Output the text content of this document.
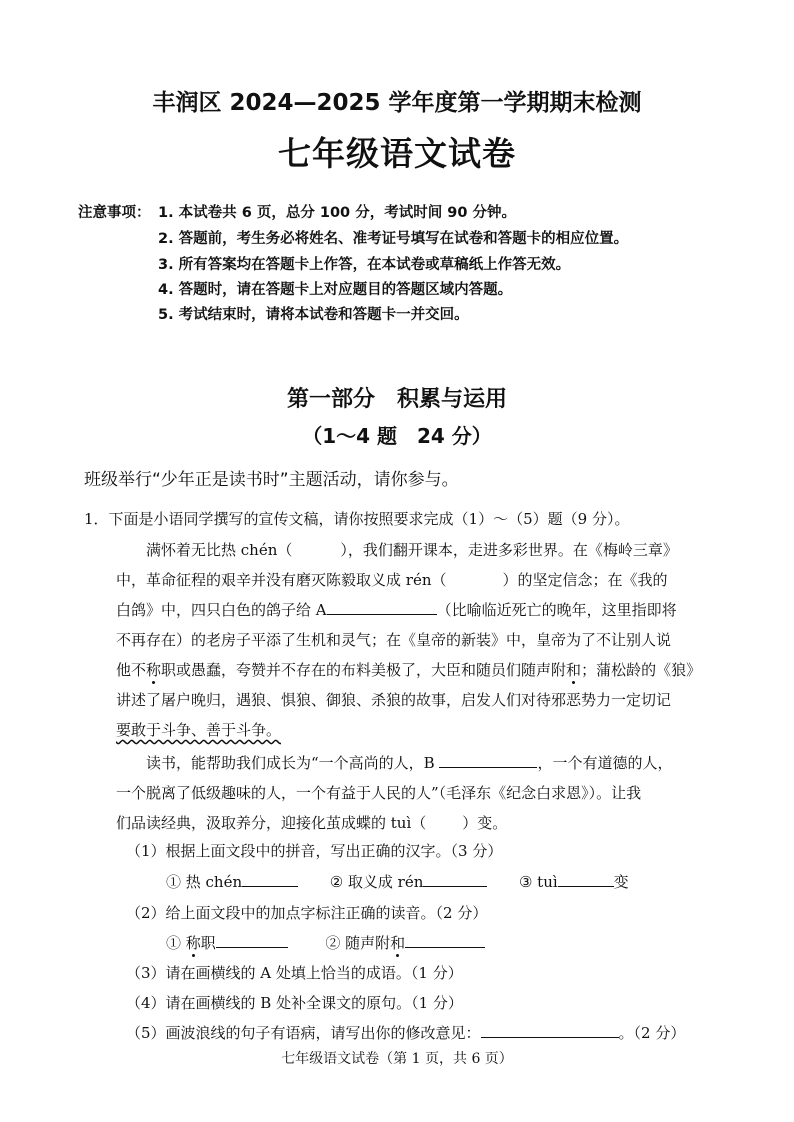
丰润区 2024—2025 学年度第一学期期末检测
七年级语文试卷
注意事项： 1. 本试卷共 6 页，总分 100 分，考试时间 90 分钟。
2. 答题前，考生务必将姓名、准考证号填写在试卷和答题卡的相应位置。
3. 所有答案均在答题卡上作答，在本试卷或草稿纸上作答无效。
4. 答题时，请在答题卡上对应题目的答题区域内答题。
5. 考试结束时，请将本试卷和答题卡一并交回。
第一部分　积累与运用
（1～4 题　24 分）
班级举行“少年正是读书时”主题活动，请你参与。
1．下面是小语同学撰写的宣传文稿，请你按照要求完成（1）～（5）题（9 分）。
满怀着无比热 chén（	），我们翻开课本，走进多彩世界。在《梅岭三章》
中，革命征程的艰辛并没有磨灭陈毅取义成 rén（	）的坚定信念；在《我的
白鸽》中，四只白色的鸽子给 A	（比喻临近死亡的晚年，这里指即将
不再存在）的老房子平添了生机和灵气；在《皇帝的新装》中，皇帝为了不让别人说
他不称职或愚蠢，夸赞并不存在的布料美极了，大臣和随员们随声附和；蒲松龄的《狼》
讲述了屠户晚归，遇狼、惧狼、御狼、杀狼的故事，启发人们对待邪恶势力一定切记
要敢于斗争、善于斗争。
读书，能帮助我们成长为“一个高尚的人，B	，一个有道德的人，
一个脱离了低级趣味的人，一个有益于人民的人”（毛泽东《纪念白求恩》）。让我
们品读经典，汲取养分，迎接化茧成蝶的 tuì（ ）变。
（1）根据上面文段中的拼音，写出正确的汉字。（3 分）
① 热 chén	② 取义成 rén	③ tuì	变
（2）给上面文段中的加点字标注正确的读音。（2 分）
① 称职	② 随声附和
（3）请在画横线的 A 处填上恰当的成语。（1 分）
（4）请在画横线的 B 处补全课文的原句。（1 分）
（5）画波浪线的句子有语病，请写出你的修改意见：	。（2 分）
七年级语文试卷（第 1 页，共 6 页）
